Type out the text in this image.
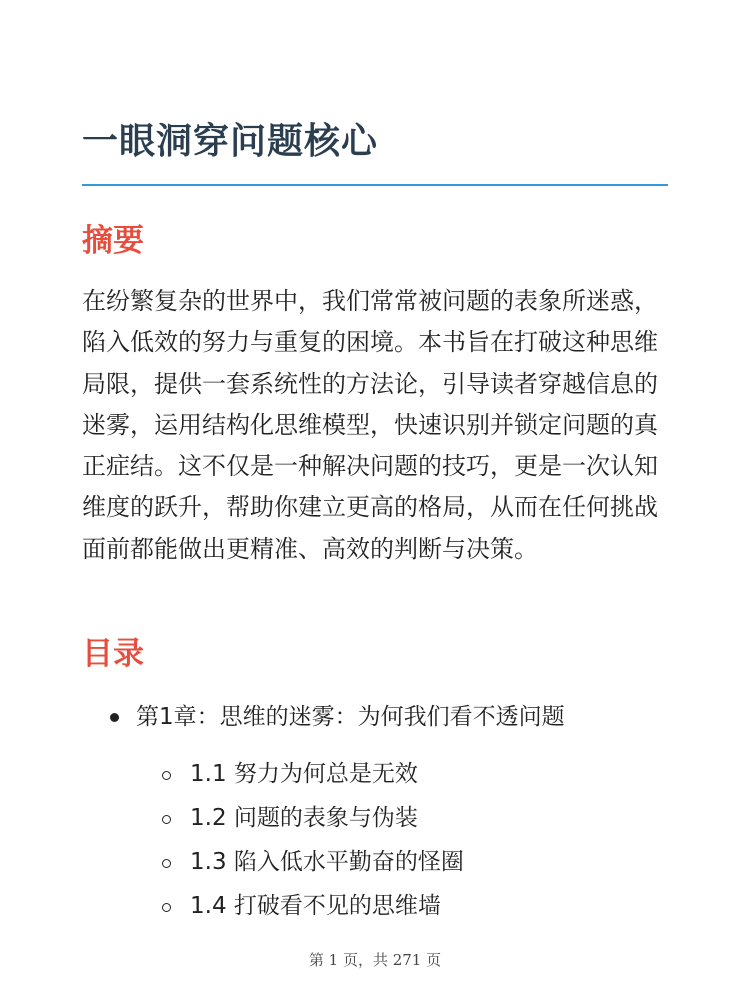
一眼洞穿问题核心
摘要

在纷繁复杂的世界中，我们常常被问题的表象所迷惑，陷入低效的努力与重复的困境。本书旨在打破这种思维局限，提供一套系统性的方法论，引导读者穿越信息的迷雾，运用结构化思维模型，快速识别并锁定问题的真正症结。这不仅是一种解决问题的技巧，更是一次认知维度的跃升，帮助你建立更高的格局，从而在任何挑战面前都能做出更精准、高效的判断与决策。

目录
第1章：思维的迷雾：为何我们看不透问题
1.1 努力为何总是无效
1.2 问题的表象与伪装
1.3 陷入低水平勤奋的怪圈
1.4 打破看不见的思维墙
第 1 页，共 271 页
